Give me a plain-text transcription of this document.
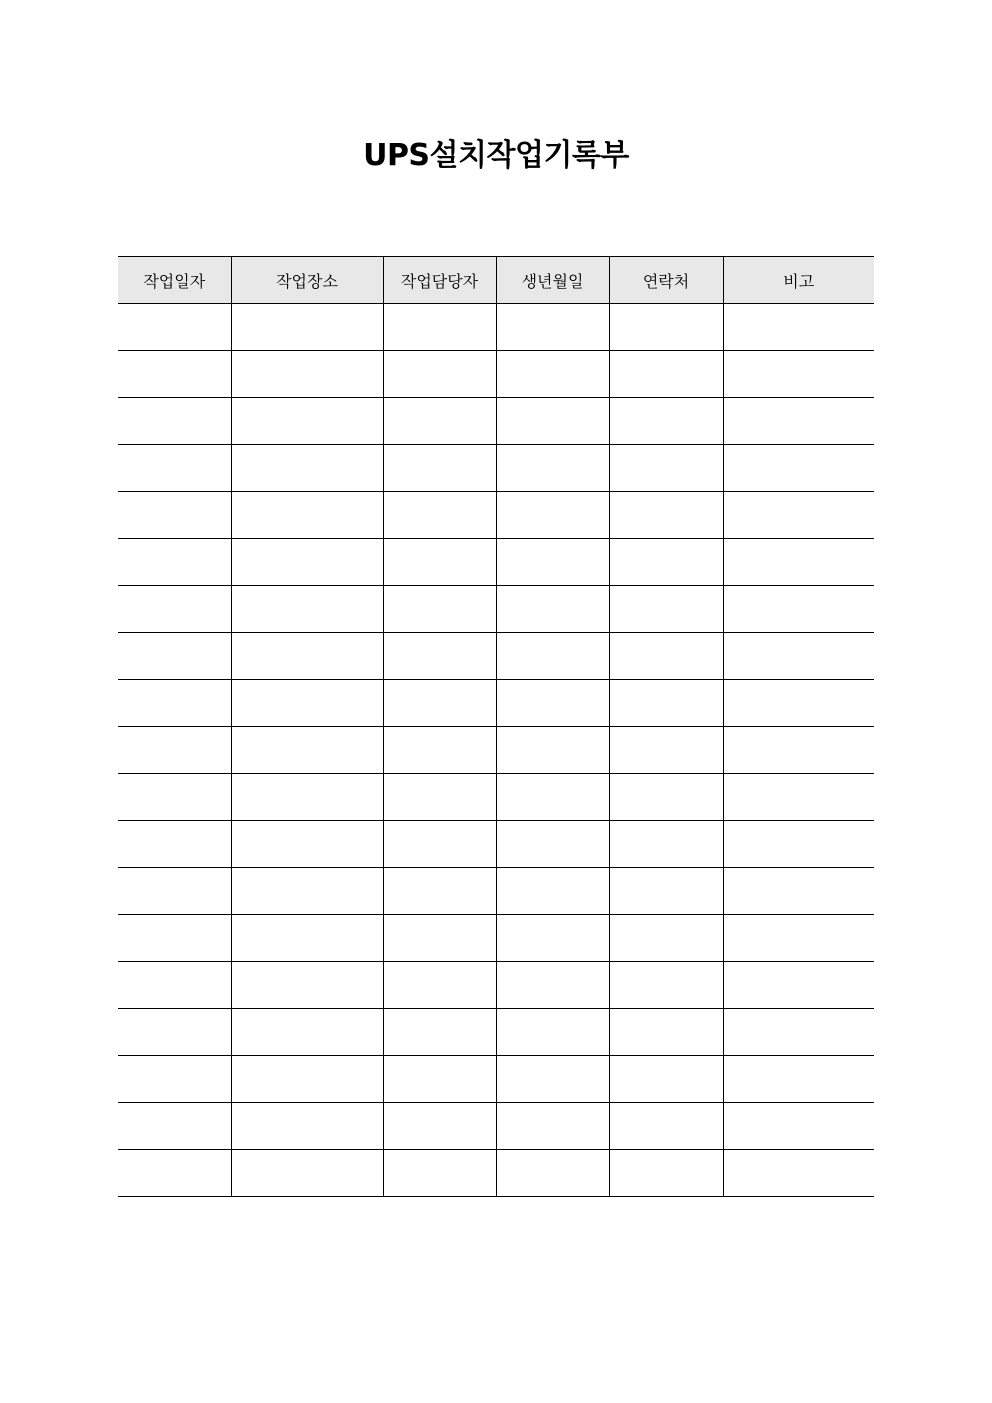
UPS설치작업기록부
작업일자	작업장소	작업담당자	생년월일	연락처	비고
